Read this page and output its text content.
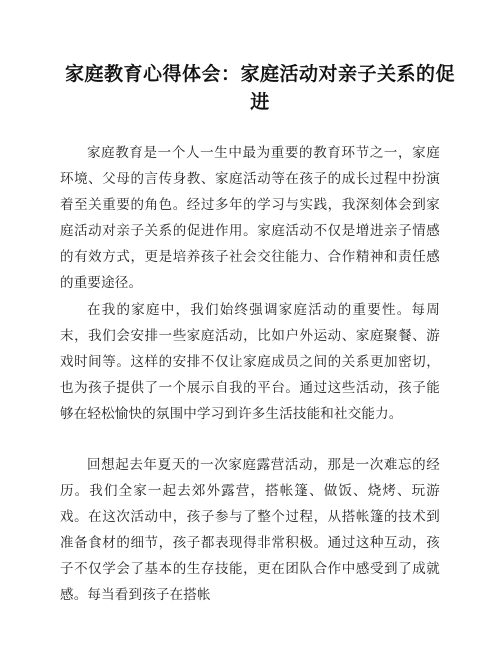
家庭教育心得体会：家庭活动对亲子关系的促进

家庭教育是一个人一生中最为重要的教育环节之一，家庭环境、父母的言传身教、家庭活动等在孩子的成长过程中扮演着至关重要的角色。经过多年的学习与实践，我深刻体会到家庭活动对亲子关系的促进作用。家庭活动不仅是增进亲子情感的有效方式，更是培养孩子社会交往能力、合作精神和责任感的重要途径。

在我的家庭中，我们始终强调家庭活动的重要性。每周末，我们会安排一些家庭活动，比如户外运动、家庭聚餐、游戏时间等。这样的安排不仅让家庭成员之间的关系更加密切，也为孩子提供了一个展示自我的平台。通过这些活动，孩子能够在轻松愉快的氛围中学习到许多生活技能和社交能力。

回想起去年夏天的一次家庭露营活动，那是一次难忘的经历。我们全家一起去郊外露营，搭帐篷、做饭、烧烤、玩游戏。在这次活动中，孩子参与了整个过程，从搭帐篷的技术到准备食材的细节，孩子都表现得非常积极。通过这种互动，孩子不仅学会了基本的生存技能，更在团队合作中感受到了成就感。每当看到孩子在搭帐
